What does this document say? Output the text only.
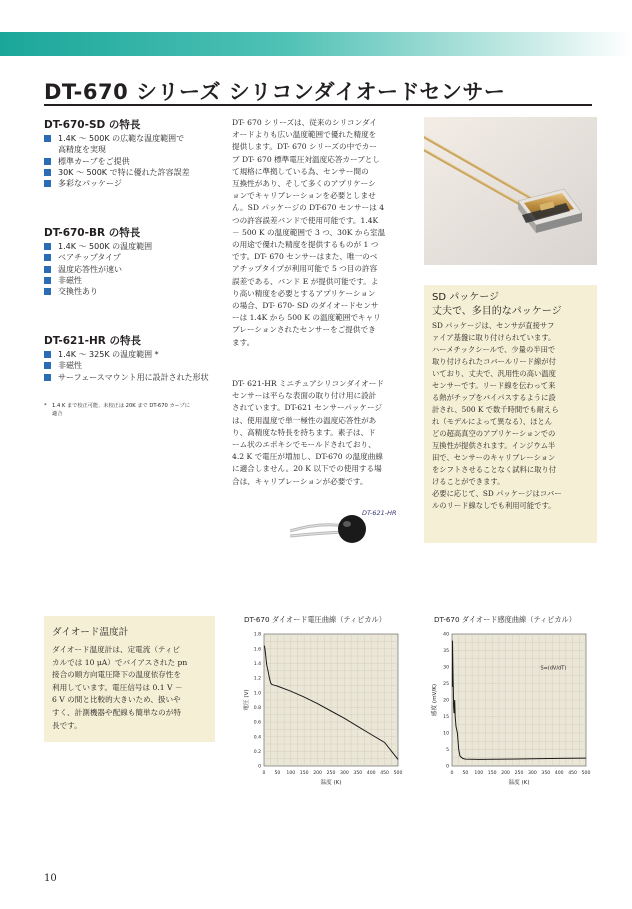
DT-670 シリーズ シリコンダイオードセンサー
DT-670-SD の特長
1.4K ～ 500K の広範な温度範囲で
高精度を実現
標準カーブをご提供
30K ～ 500K で特に優れた許容誤差
多彩なパッケージ
DT-670-BR の特長
1.4K ～ 500K の温度範囲
ベアチップタイプ
温度応答性が速い
非磁性
交換性あり
DT-621-HR の特長
1.4K ～ 325K の温度範囲 *
非磁性
サーフェースマウント用に設計された形状
*	1.4 K まで校正可能、未校正は 20K まで DT-670 カーブに
適合
DT- 670 シリーズは、従来のシリコンダイ
オードよりも広い温度範囲で優れた精度を
提供します。DT- 670 シリーズの中でカー
ブ DT- 670 標準電圧対温度応答カーブとし
て規格に準拠している為、センサー間の
互換性があり、そして多くのアプリケーシ
ョンでキャリブレーションを必要としませ
ん。SD パッケージの DT-670 センサーは 4
つの許容誤差バンドで使用可能です。1.4K
－ 500 K の温度範囲で 3 つ、30K から室温
の用途で優れた精度を提供するものが 1 つ
です。DT- 670 センサーはまた、唯一のベ
アチップタイプが利用可能で 5 つ目の許容
誤差である、バンド E が提供可能です。よ
り高い精度を必要とするアプリケーション
の場合、DT- 670- SD のダイオードセンサ
ーは 1.4K から 500 K の温度範囲でキャリ
ブレーションされたセンサーをご提供でき
ます。
DT- 621-HR ミニチュアシリコンダイオード
センサーは平らな表面の取り付け用に設計
されています。DT-621 センサーパッケージ
は、使用温度で単一極性の温度応答性があ
り、高精度な特長を持ちます。素子は、ド
ーム状のエポキシでモールドされており、
4.2 K で電圧が増加し、DT-670 の温度曲線
に適合しません。20 K 以下での使用する場
合は、キャリブレーションが必要です。
DT-621-HR
SD パッケージ
丈夫で、多目的なパッケージ
SD パッケージは、センサが直接サフ
ァイア基盤に取り付けられています。
ハーメチックシールで、少量の半田で
取り付けられたコバールリード線が付
いており、丈夫で、汎用性の高い温度
センサーです。リード線を伝わって来
る熱がチップをバイパスするように設
計され、500 K で数千時間でも耐えら
れ（モデルによって異なる）、ほとん
どの超高真空のアプリケーションでの
互換性が提供されます。インジウム半
田で、センサーのキャリブレーション
をシフトさせることなく試料に取り付
けることができます。
必要に応じて、SD パッケージはコバー
ルのリード線なしでも利用可能です。
ダイオード温度計
ダイオード温度計は、定電流（ティビ
カルでは 10 μA）でバイアスされた pn
接合の順方向電圧降下の温度依存性を
利用しています。電圧信号は 0.1 V －
6 V の間と比較的大きいため、扱いや
すく、計測機器や配線も簡単なのが特
長です。
DT-670 ダイオード電圧曲線（ティピカル）
0 50 100 150 200 250 300 350 400 450 500
0
0.2
0.4
0.6
0.8
1.0
1.2
1.4
1.6
1.8
温度 (K)
電圧 (V)
DT-670 ダイオード感度曲線（ティピカル）
0 50 100 150 200 250 300 350 400 450 500
0
5
10
15
20
25
30
35
40
温度 (K)
感度 (mV/K)
S=(dV/dT)
10
